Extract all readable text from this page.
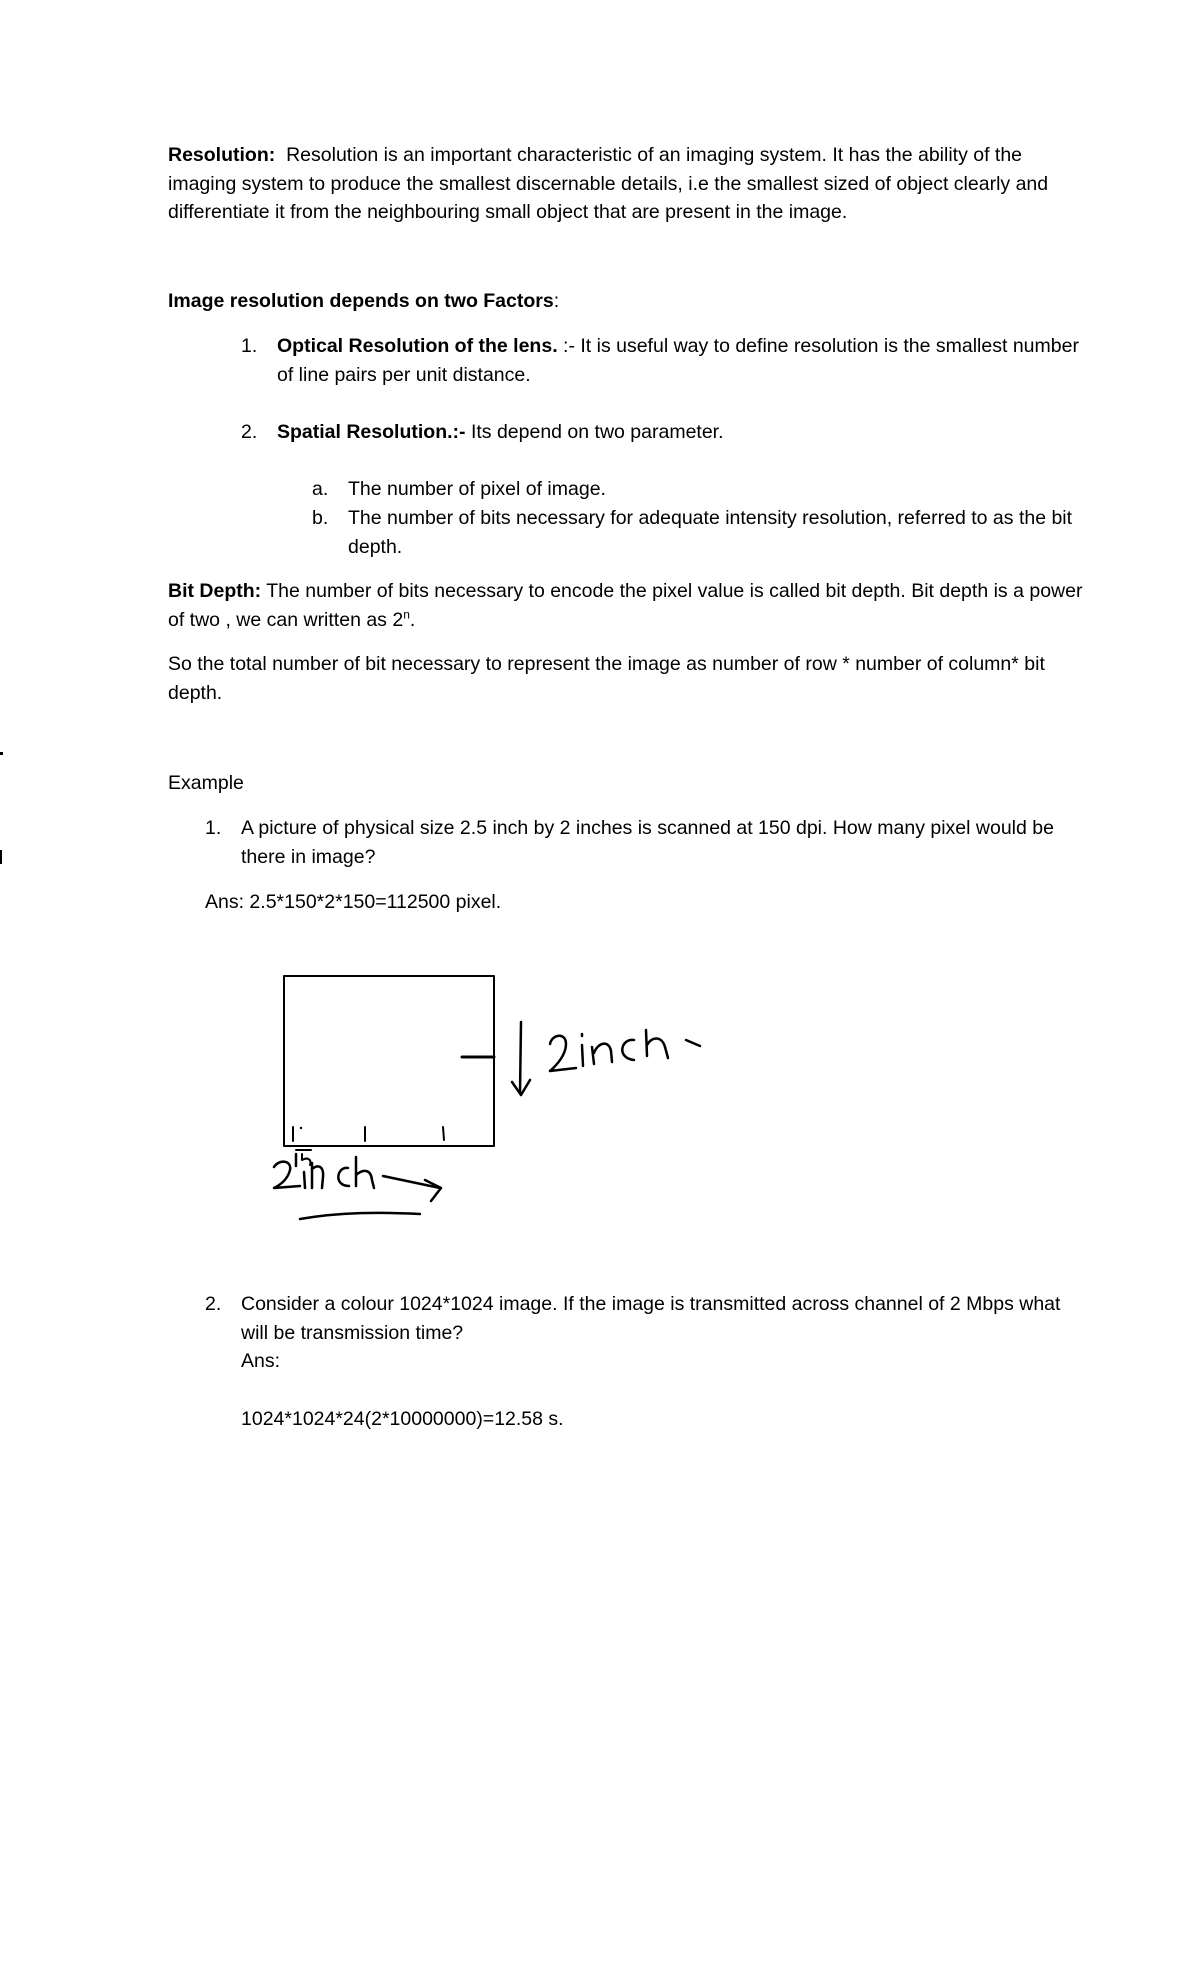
Resolution: Resolution is an important characteristic of an imaging system. It has the ability of the imaging system to produce the smallest discernable details, i.e the smallest sized of object clearly and differentiate it from the neighbouring small object that are present in the image.

Image resolution depends on two Factors:

1. Optical Resolution of the lens. :- It is useful way to define resolution is the smallest number of line pairs per unit distance.

2. Spatial Resolution.:- Its depend on two parameter.

a. The number of pixel of image.

b. The number of bits necessary for adequate intensity resolution, referred to as the bit depth.

Bit Depth: The number of bits necessary to encode the pixel value is called bit depth. Bit depth is a power of two , we can written as 2$^n$.

So the total number of bit necessary to represent the image as number of row * number of column* bit depth.

Example

1. A picture of physical size 2.5 inch by 2 inches is scanned at 150 dpi. How many pixel would be there in image?

Ans: 2.5*150*2*150=112500 pixel.

2. Consider a colour 1024*1024 image. If the image is transmitted across channel of 2 Mbps what will be transmission time?

Ans:

1024*1024*24(2*10000000)=12.58 s.
